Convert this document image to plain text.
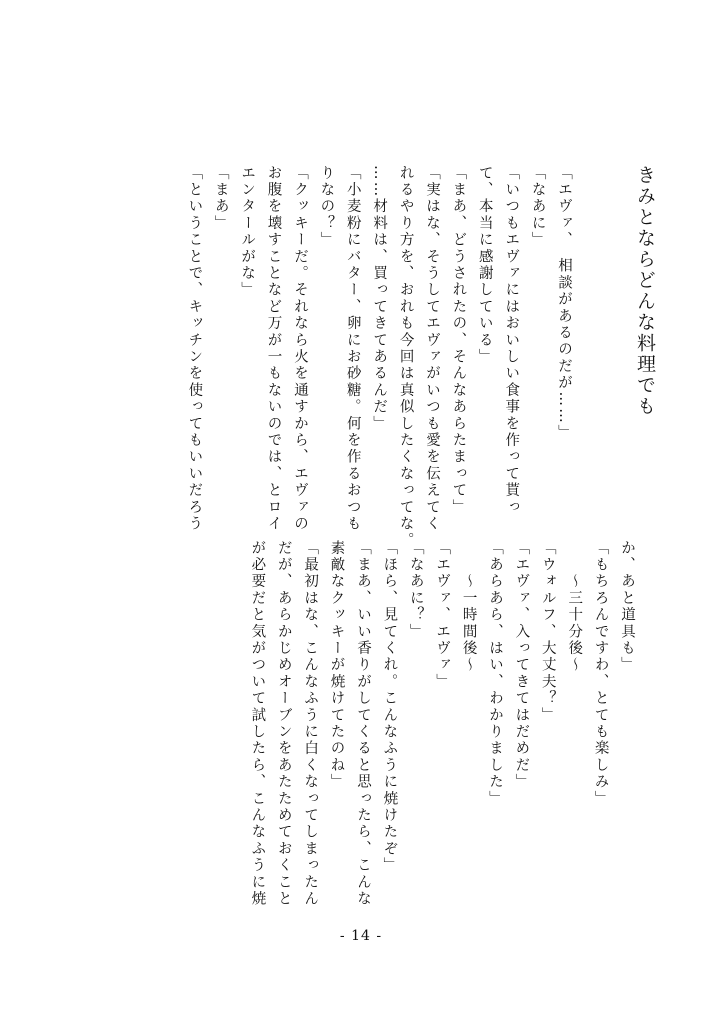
きみとならどんな料理でも
「エヴァ、　相談があるのだが……」
「なあに」
「いつもエヴァにはおいしい食事を作って貰っ
て、本当に感謝している」
「まあ、どうされたの、そんなあらたまって」
「実はな、そうしてエヴァがいつも愛を伝えてく
れるやり方を、おれも今回は真似したくなってな。
……材料は、買ってきてあるんだ」
「小麦粉にバター、卵にお砂糖。何を作るおつも
りなの？」
「クッキーだ。それなら火を通すから、エヴァの
お腹を壊すことなど万が一もないのでは、とロイ
エンタールがな」
「まあ」
「ということで、キッチンを使ってもいいだろう
か、あと道具も」
「もちろんですわ、とても楽しみ」
　　〜三十分後〜
「ウォルフ、大丈夫？」
「エヴァ、入ってきてはだめだ」
「あらあら、はい、わかりました」
　　〜一時間後〜
「エヴァ、エヴァ」
「なあに？」
「ほら、見てくれ。こんなふうに焼けたぞ」
「まあ、いい香りがしてくると思ったら、こんな
素敵なクッキーが焼けてたのね」
「最初はな、こんなふうに白くなってしまったん
だが、あらかじめオーブンをあたためておくこと
が必要だと気がついて試したら、こんなふうに焼
- 14 -
